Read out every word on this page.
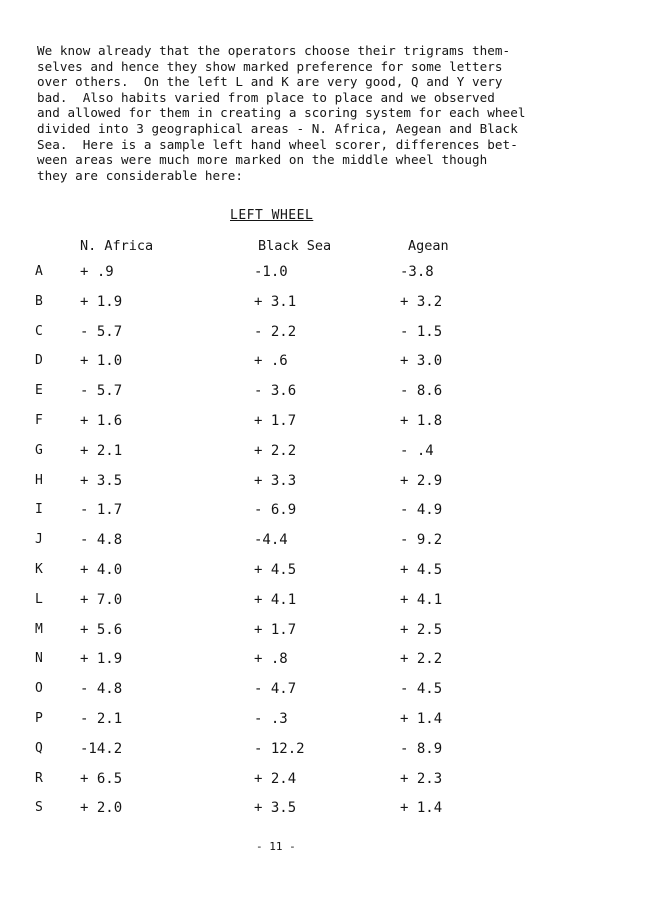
We know already that the operators choose their trigrams them-
selves and hence they show marked preference for some letters
over others.  On the left L and K are very good, Q and Y very
bad.  Also habits varied from place to place and we observed
and allowed for them in creating a scoring system for each wheel
divided into 3 geographical areas - N. Africa, Aegean and Black
Sea.  Here is a sample left hand wheel scorer, differences bet-
ween areas were much more marked on the middle wheel though
they are considerable here:
LEFT WHEEL
N. Africa	Black Sea	Agean
A	+ .9	-1.0	-3.8
B	+ 1.9	+ 3.1	+ 3.2
C	- 5.7	- 2.2	- 1.5
D	+ 1.0	+ .6	+ 3.0
E	- 5.7	- 3.6	- 8.6
F	+ 1.6	+ 1.7	+ 1.8
G	+ 2.1	+ 2.2	- .4
H	+ 3.5	+ 3.3	+ 2.9
I	- 1.7	- 6.9	- 4.9
J	- 4.8	-4.4	- 9.2
K	+ 4.0	+ 4.5	+ 4.5
L	+ 7.0	+ 4.1	+ 4.1
M	+ 5.6	+ 1.7	+ 2.5
N	+ 1.9	+ .8	+ 2.2
O	- 4.8	- 4.7	- 4.5
P	- 2.1	- .3	+ 1.4
Q	-14.2	- 12.2	- 8.9
R	+ 6.5	+ 2.4	+ 2.3
S	+ 2.0	+ 3.5	+ 1.4
- 11 -
